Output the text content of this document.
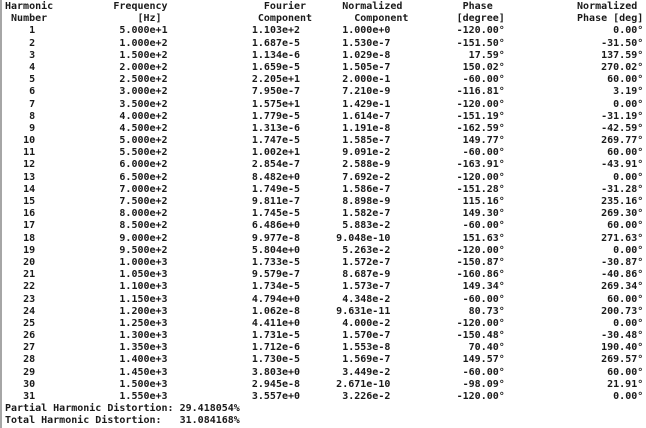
Harmonic	Frequency	Fourier	Normalized	Phase	Normalized
Number	[Hz]	Component	Component	[degree]	Phase [deg]
1	5.000e+1	1.103e+2	1.000e+0	-120.00°	0.00°
2	1.000e+2	1.687e-5	1.530e-7	-151.50°	-31.50°
3	1.500e+2	1.134e-6	1.029e-8	17.59°	137.59°
4	2.000e+2	1.659e-5	1.505e-7	150.02°	270.02°
5	2.500e+2	2.205e+1	2.000e-1	-60.00°	60.00°
6	3.000e+2	7.950e-7	7.210e-9	-116.81°	3.19°
7	3.500e+2	1.575e+1	1.429e-1	-120.00°	0.00°
8	4.000e+2	1.779e-5	1.614e-7	-151.19°	-31.19°
9	4.500e+2	1.313e-6	1.191e-8	-162.59°	-42.59°
10	5.000e+2	1.747e-5	1.585e-7	149.77°	269.77°
11	5.500e+2	1.002e+1	9.091e-2	-60.00°	60.00°
12	6.000e+2	2.854e-7	2.588e-9	-163.91°	-43.91°
13	6.500e+2	8.482e+0	7.692e-2	-120.00°	0.00°
14	7.000e+2	1.749e-5	1.586e-7	-151.28°	-31.28°
15	7.500e+2	9.811e-7	8.898e-9	115.16°	235.16°
16	8.000e+2	1.745e-5	1.582e-7	149.30°	269.30°
17	8.500e+2	6.486e+0	5.883e-2	-60.00°	60.00°
18	9.000e+2	9.977e-8	9.048e-10	151.63°	271.63°
19	9.500e+2	5.804e+0	5.263e-2	-120.00°	0.00°
20	1.000e+3	1.733e-5	1.572e-7	-150.87°	-30.87°
21	1.050e+3	9.579e-7	8.687e-9	-160.86°	-40.86°
22	1.100e+3	1.734e-5	1.573e-7	149.34°	269.34°
23	1.150e+3	4.794e+0	4.348e-2	-60.00°	60.00°
24	1.200e+3	1.062e-8	9.631e-11	80.73°	200.73°
25	1.250e+3	4.411e+0	4.000e-2	-120.00°	0.00°
26	1.300e+3	1.731e-5	1.570e-7	-150.48°	-30.48°
27	1.350e+3	1.712e-6	1.553e-8	70.40°	190.40°
28	1.400e+3	1.730e-5	1.569e-7	149.57°	269.57°
29	1.450e+3	3.803e+0	3.449e-2	-60.00°	60.00°
30	1.500e+3	2.945e-8	2.671e-10	-98.09°	21.91°
31	1.550e+3	3.557e+0	3.226e-2	-120.00°	0.00°
Partial Harmonic Distortion: 29.418054%
Total Harmonic Distortion: 31.084168%
